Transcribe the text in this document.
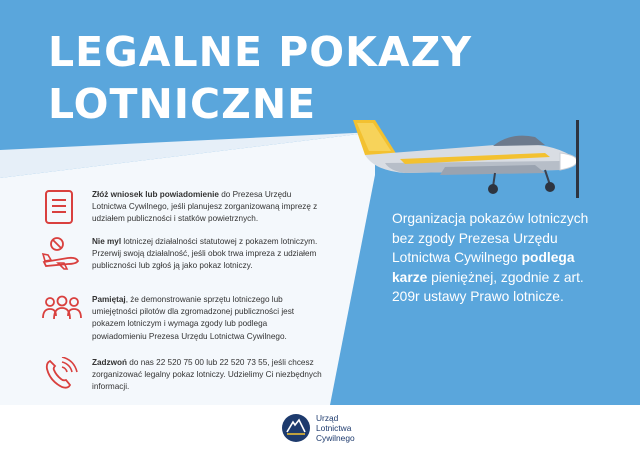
LEGALNE POKAZY
LOTNICZNE
Złóż wniosek lub powiadomienie do Prezesa Urzędu Lotnictwa Cywilnego, jeśli planujesz zorganizowaną imprezę z udziałem publiczności i statków powietrznych.
Nie myl lotniczej działalności statutowej z pokazem lotniczym. Przerwij swoją działalność, jeśli obok trwa impreza z udziałem publiczności lub zgłoś ją jako pokaz lotniczy.
Pamiętaj, że demonstrowanie sprzętu lotniczego lub umiejętności pilotów dla zgromadzonej publiczności jest pokazem lotniczym i wymaga zgody lub podlega powiadomieniu Prezesa Urzędu Lotnictwa Cywilnego.
Zadzwoń do nas 22 520 75 00 lub 22 520 73 55, jeśli chcesz zorganizować legalny pokaz lotniczy. Udzielimy Ci niezbędnych informacji.
Organizacja pokazów lotniczych bez zgody Prezesa Urzędu Lotnictwa Cywilnego podlega karze pieniężnej, zgodnie z art. 209r ustawy Prawo lotnicze.
Urząd
Lotnictwa
Cywilnego
